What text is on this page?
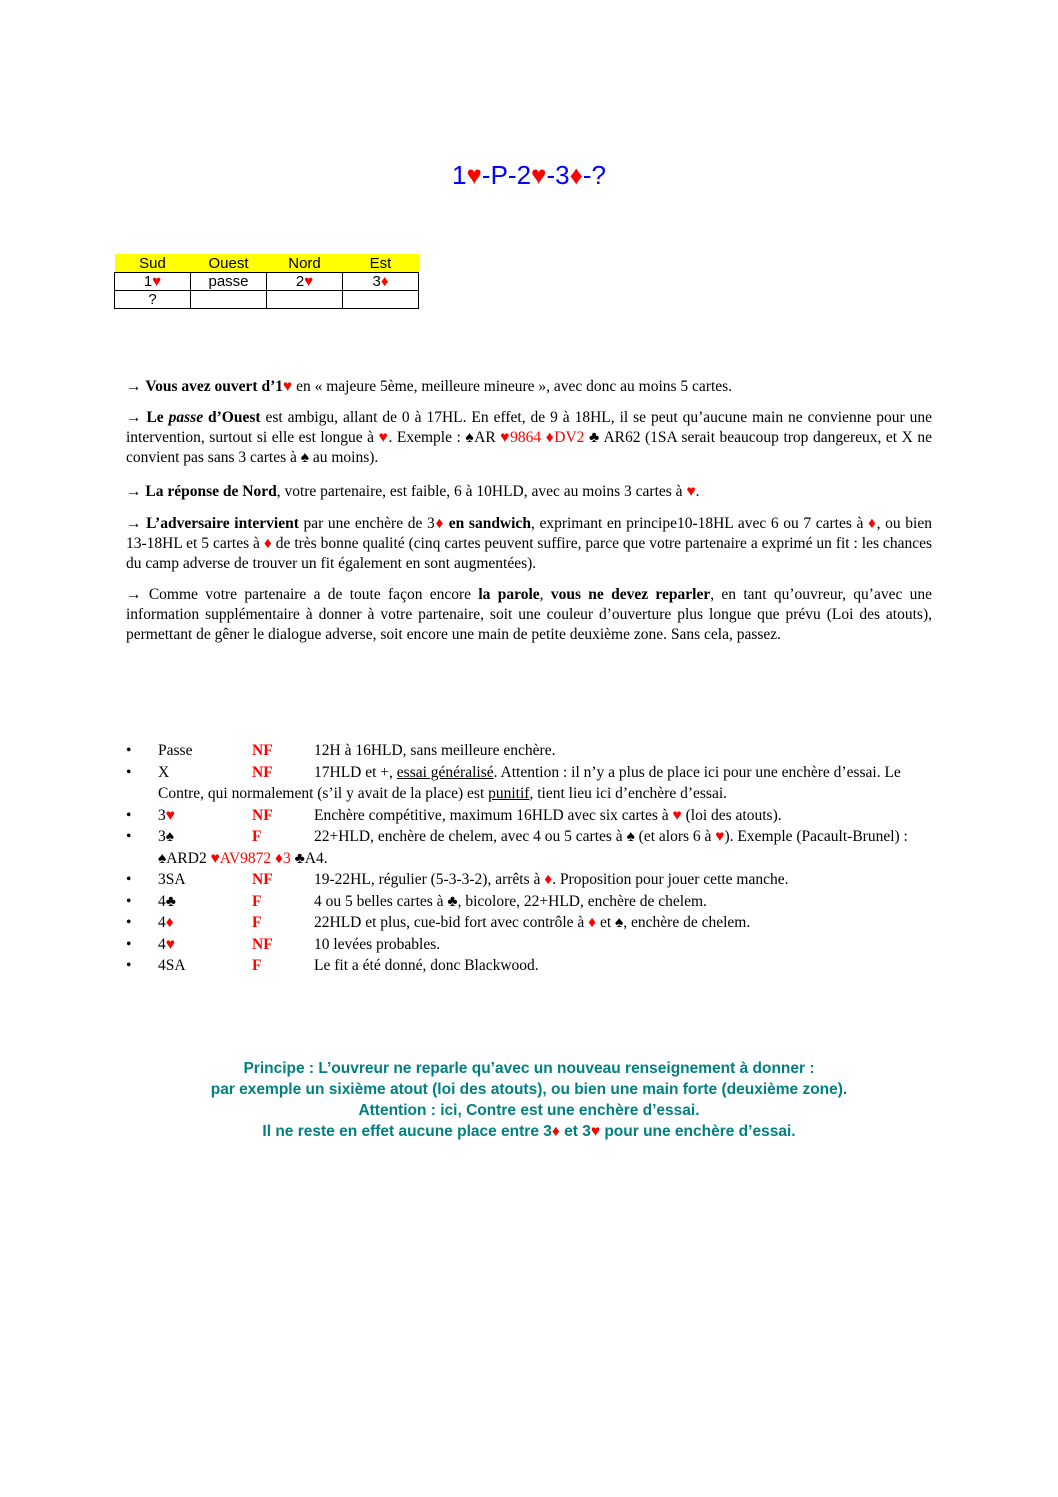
1♥-P-2♥-3♦-?
Sud	Ouest	Nord	Est
1♥	passe	2♥	3♦
?			
→ Vous avez ouvert d’1♥ en « majeure 5ème, meilleure mineure », avec donc au moins 5 cartes.
→ Le passe d’Ouest est ambigu, allant de 0 à 17HL. En effet, de 9 à 18HL, il se peut qu’aucune main ne convienne pour une intervention, surtout si elle est longue à ♥. Exemple : ♠AR ♥9864 ♦DV2 ♣ AR62 (1SA serait beaucoup trop dangereux, et X ne convient pas sans 3 cartes à ♠ au moins).
→ La réponse de Nord, votre partenaire, est faible, 6 à 10HLD, avec au moins 3 cartes à ♥.
→ L’adversaire intervient par une enchère de 3♦ en sandwich, exprimant en principe10-18HL avec 6 ou 7 cartes à ♦, ou bien 13-18HL et 5 cartes à ♦ de très bonne qualité (cinq cartes peuvent suffire, parce que votre partenaire a exprimé un fit : les chances du camp adverse de trouver un fit également en sont augmentées).
→ Comme votre partenaire a de toute façon encore la parole, vous ne devez reparler, en tant qu’ouvreur, qu’avec une information supplémentaire à donner à votre partenaire, soit une couleur d’ouverture plus longue que prévu (Loi des atouts), permettant de gêner le dialogue adverse, soit encore une main de petite deuxième zone. Sans cela, passez.
• Passe	NF	12H à 16HLD, sans meilleure enchère.
• X	NF	17HLD et +, essai généralisé. Attention : il n’y a plus de place ici pour une enchère d’essai. Le Contre, qui normalement (s’il y avait de la place) est punitif, tient lieu ici d’enchère d’essai.
• 3♥	NF	Enchère compétitive, maximum 16HLD avec six cartes à ♥ (loi des atouts).
• 3♠	F	22+HLD, enchère de chelem, avec 4 ou 5 cartes à ♠ (et alors 6 à ♥). Exemple (Pacault-Brunel) : ♠ARD2 ♥AV9872 ♦3 ♣A4.
• 3SA	NF	19-22HL, régulier (5-3-3-2), arrêts à ♦. Proposition pour jouer cette manche.
• 4♣	F	4 ou 5 belles cartes à ♣, bicolore, 22+HLD, enchère de chelem.
• 4♦	F	22HLD et plus, cue-bid fort avec contrôle à ♦ et ♠, enchère de chelem.
• 4♥	NF	10 levées probables.
• 4SA	F	Le fit a été donné, donc Blackwood.
Principe : L’ouvreur ne reparle qu’avec un nouveau renseignement à donner :
par exemple un sixième atout (loi des atouts), ou bien une main forte (deuxième zone).
Attention : ici, Contre est une enchère d’essai.
Il ne reste en effet aucune place entre 3♦ et 3♥ pour une enchère d’essai.
